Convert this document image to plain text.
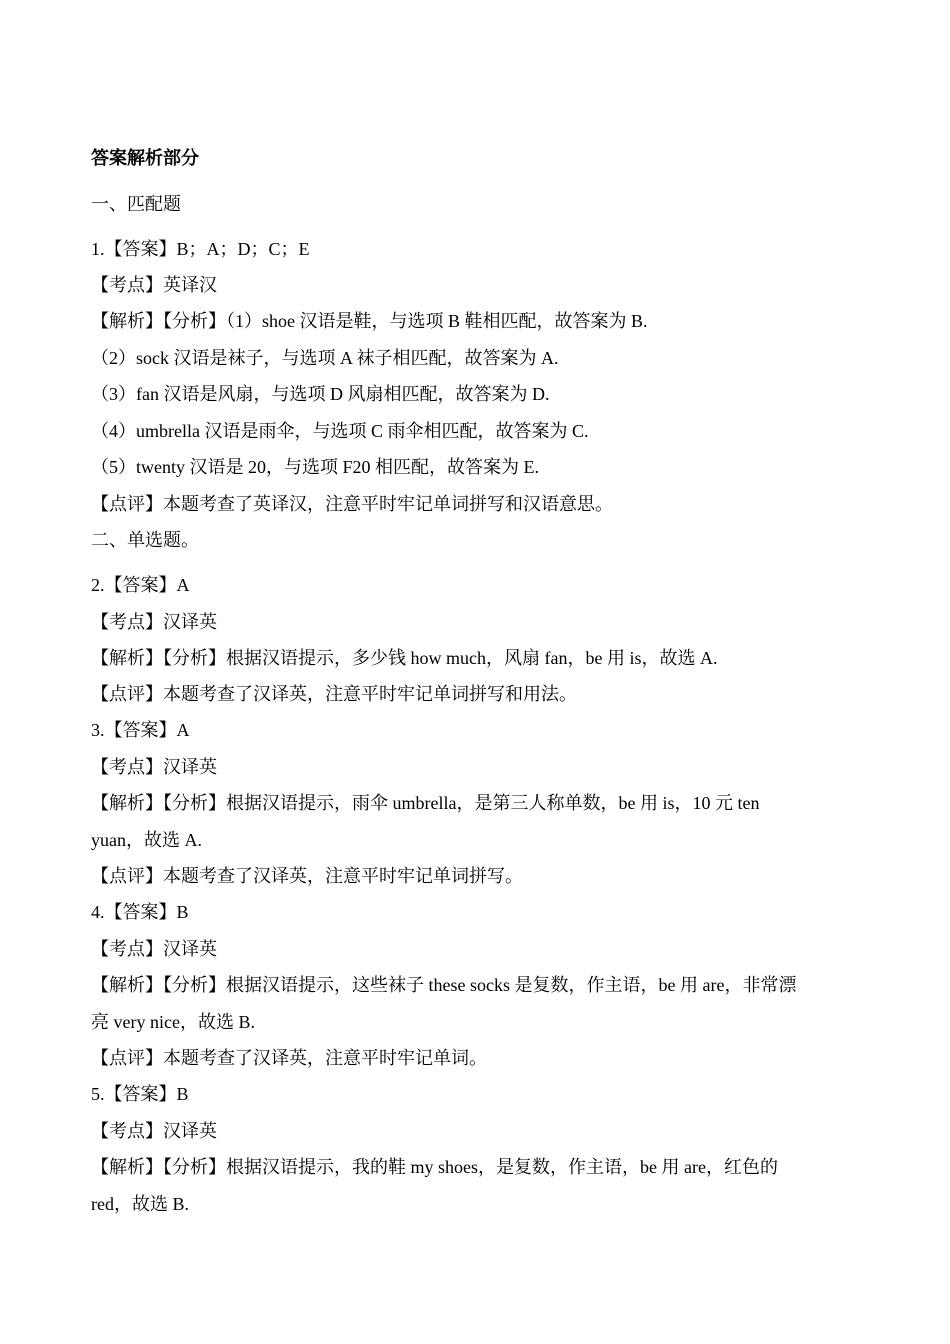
答案解析部分
一、匹配题
1.【答案】B；A；D；C；E
【考点】英译汉
【解析】【分析】（1）shoe 汉语是鞋，与选项 B 鞋相匹配，故答案为 B.
（2）sock 汉语是袜子，与选项 A 袜子相匹配，故答案为 A.
（3）fan 汉语是风扇，与选项 D 风扇相匹配，故答案为 D.
（4）umbrella 汉语是雨伞，与选项 C 雨伞相匹配，故答案为 C.
（5）twenty 汉语是 20，与选项 F20 相匹配，故答案为 E.
【点评】本题考查了英译汉，注意平时牢记单词拼写和汉语意思。
二、单选题。
2.【答案】A
【考点】汉译英
【解析】【分析】根据汉语提示，多少钱 how much，风扇 fan，be 用 is，故选 A.
【点评】本题考查了汉译英，注意平时牢记单词拼写和用法。
3.【答案】A
【考点】汉译英
【解析】【分析】根据汉语提示，雨伞 umbrella，是第三人称单数，be 用 is，10 元 ten
yuan，故选 A.
【点评】本题考查了汉译英，注意平时牢记单词拼写。
4.【答案】B
【考点】汉译英
【解析】【分析】根据汉语提示，这些袜子 these socks 是复数，作主语，be 用 are，非常漂
亮 very nice，故选 B.
【点评】本题考查了汉译英，注意平时牢记单词。
5.【答案】B
【考点】汉译英
【解析】【分析】根据汉语提示，我的鞋 my shoes，是复数，作主语，be 用 are，红色的
red，故选 B.
